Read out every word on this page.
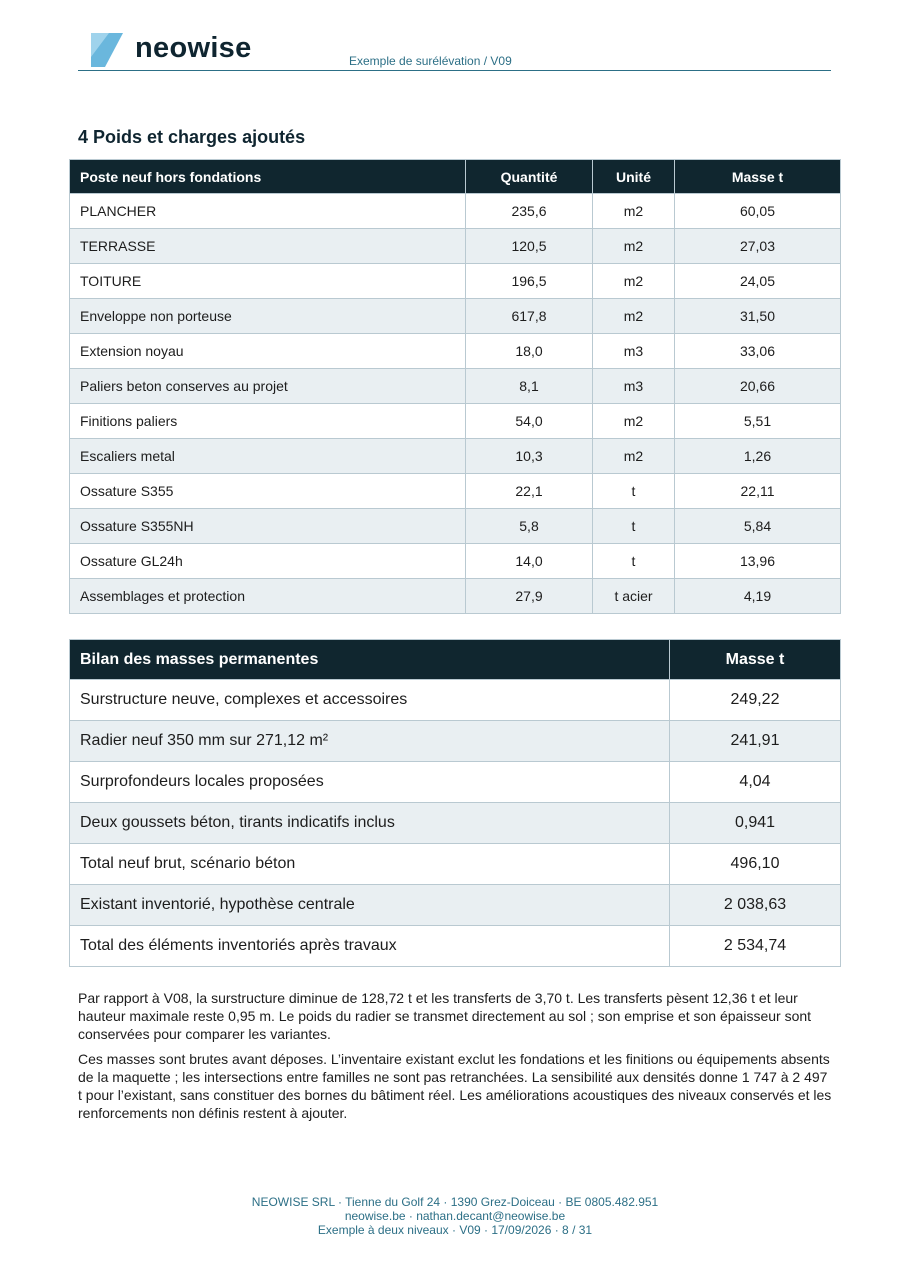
neowise	Exemple de surélévation / V09
4 Poids et charges ajoutés
Poste neuf hors fondations	Quantité	Unité	Masse t
PLANCHER	235,6	m2	60,05
TERRASSE	120,5	m2	27,03
TOITURE	196,5	m2	24,05
Enveloppe non porteuse	617,8	m2	31,50
Extension noyau	18,0	m3	33,06
Paliers beton conserves au projet	8,1	m3	20,66
Finitions paliers	54,0	m2	5,51
Escaliers metal	10,3	m2	1,26
Ossature S355	22,1	t	22,11
Ossature S355NH	5,8	t	5,84
Ossature GL24h	14,0	t	13,96
Assemblages et protection	27,9	t acier	4,19
Bilan des masses permanentes	Masse t
Surstructure neuve, complexes et accessoires	249,22
Radier neuf 350 mm sur 271,12 m²	241,91
Surprofondeurs locales proposées	4,04
Deux goussets béton, tirants indicatifs inclus	0,941
Total neuf brut, scénario béton	496,10
Existant inventorié, hypothèse centrale	2 038,63
Total des éléments inventoriés après travaux	2 534,74

Par rapport à V08, la surstructure diminue de 128,72 t et les transferts de 3,70 t. Les transferts pèsent 12,36 t et leur hauteur maximale reste 0,95 m. Le poids du radier se transmet directement au sol ; son emprise et son épaisseur sont conservées pour comparer les variantes.

Ces masses sont brutes avant déposes. L’inventaire existant exclut les fondations et les finitions ou équipements absents de la maquette ; les intersections entre familles ne sont pas retranchées. La sensibilité aux densités donne 1 747 à 2 497 t pour l’existant, sans constituer des bornes du bâtiment réel. Les améliorations acoustiques des niveaux conservés et les renforcements non définis restent à ajouter.

NEOWISE SRL · Tienne du Golf 24 · 1390 Grez-Doiceau · BE 0805.482.951
neowise.be · nathan.decant@neowise.be
Exemple à deux niveaux · V09 · 17/09/2026 · 8 / 31
